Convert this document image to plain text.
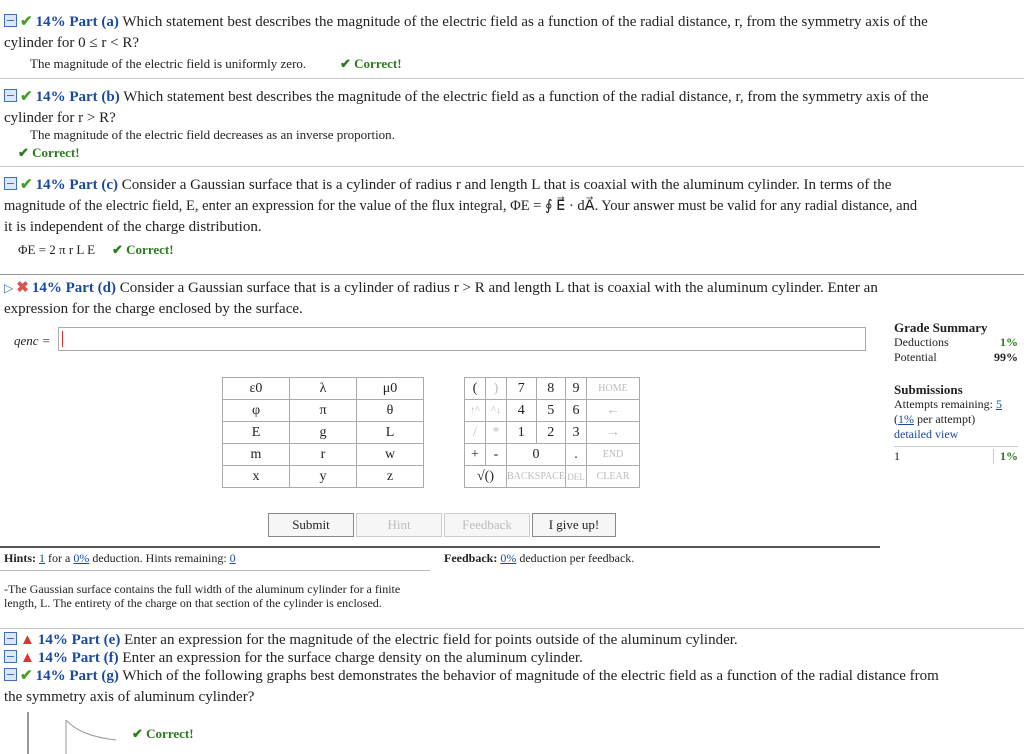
✔ 14% Part (a) Which statement best describes the magnitude of the electric field as a function of the radial distance, r, from the symmetry axis of the
cylinder for 0 ≤ r < R?
The magnitude of the electric field is uniformly zero.	✔ Correct!
✔ 14% Part (b) Which statement best describes the magnitude of the electric field as a function of the radial distance, r, from the symmetry axis of the
cylinder for r > R?
The magnitude of the electric field decreases as an inverse proportion.
✔ Correct!
✔ 14% Part (c) Consider a Gaussian surface that is a cylinder of radius r and length L that is coaxial with the aluminum cylinder. In terms of the
magnitude of the electric field, E, enter an expression for the value of the flux integral, ΦE = ∮ E⃗ · dA⃗. Your answer must be valid for any radial distance, and
it is independent of the charge distribution.
ΦE = 2 π r L E ✔ Correct!
▷ ✖ 14% Part (d) Consider a Gaussian surface that is a cylinder of radius r > R and length L that is coaxial with the aluminum cylinder. Enter an
expression for the charge enclosed by the surface.
qenc =
Grade Summary
Deductions	1%
Potential	99%
Submissions
Attempts remaining: 5
(1% per attempt)
detailed view
1	1%
ε0	λ	μ0
φ	π	θ
E	g	L
m	r	w
x	y	z
(	)	7	8	9	HOME
↑^	^↓	4	5	6	←
/	*	1	2	3	→
+	-	0		.	END
√()		BACKSPACE		DEL	CLEAR
Submit	Hint	Feedback	I give up!
Hints: 1 for a 0% deduction. Hints remaining: 0	Feedback: 0% deduction per feedback.
-The Gaussian surface contains the full width of the aluminum cylinder for a finite length, L. The entirety of the charge on that section of the cylinder is enclosed.
▲ 14% Part (e) Enter an expression for the magnitude of the electric field for points outside of the aluminum cylinder.
▲ 14% Part (f) Enter an expression for the surface charge density on the aluminum cylinder.
✔ 14% Part (g) Which of the following graphs best demonstrates the behavior of magnitude of the electric field as a function of the radial distance from
the symmetry axis of aluminum cylinder?
✔ Correct!
